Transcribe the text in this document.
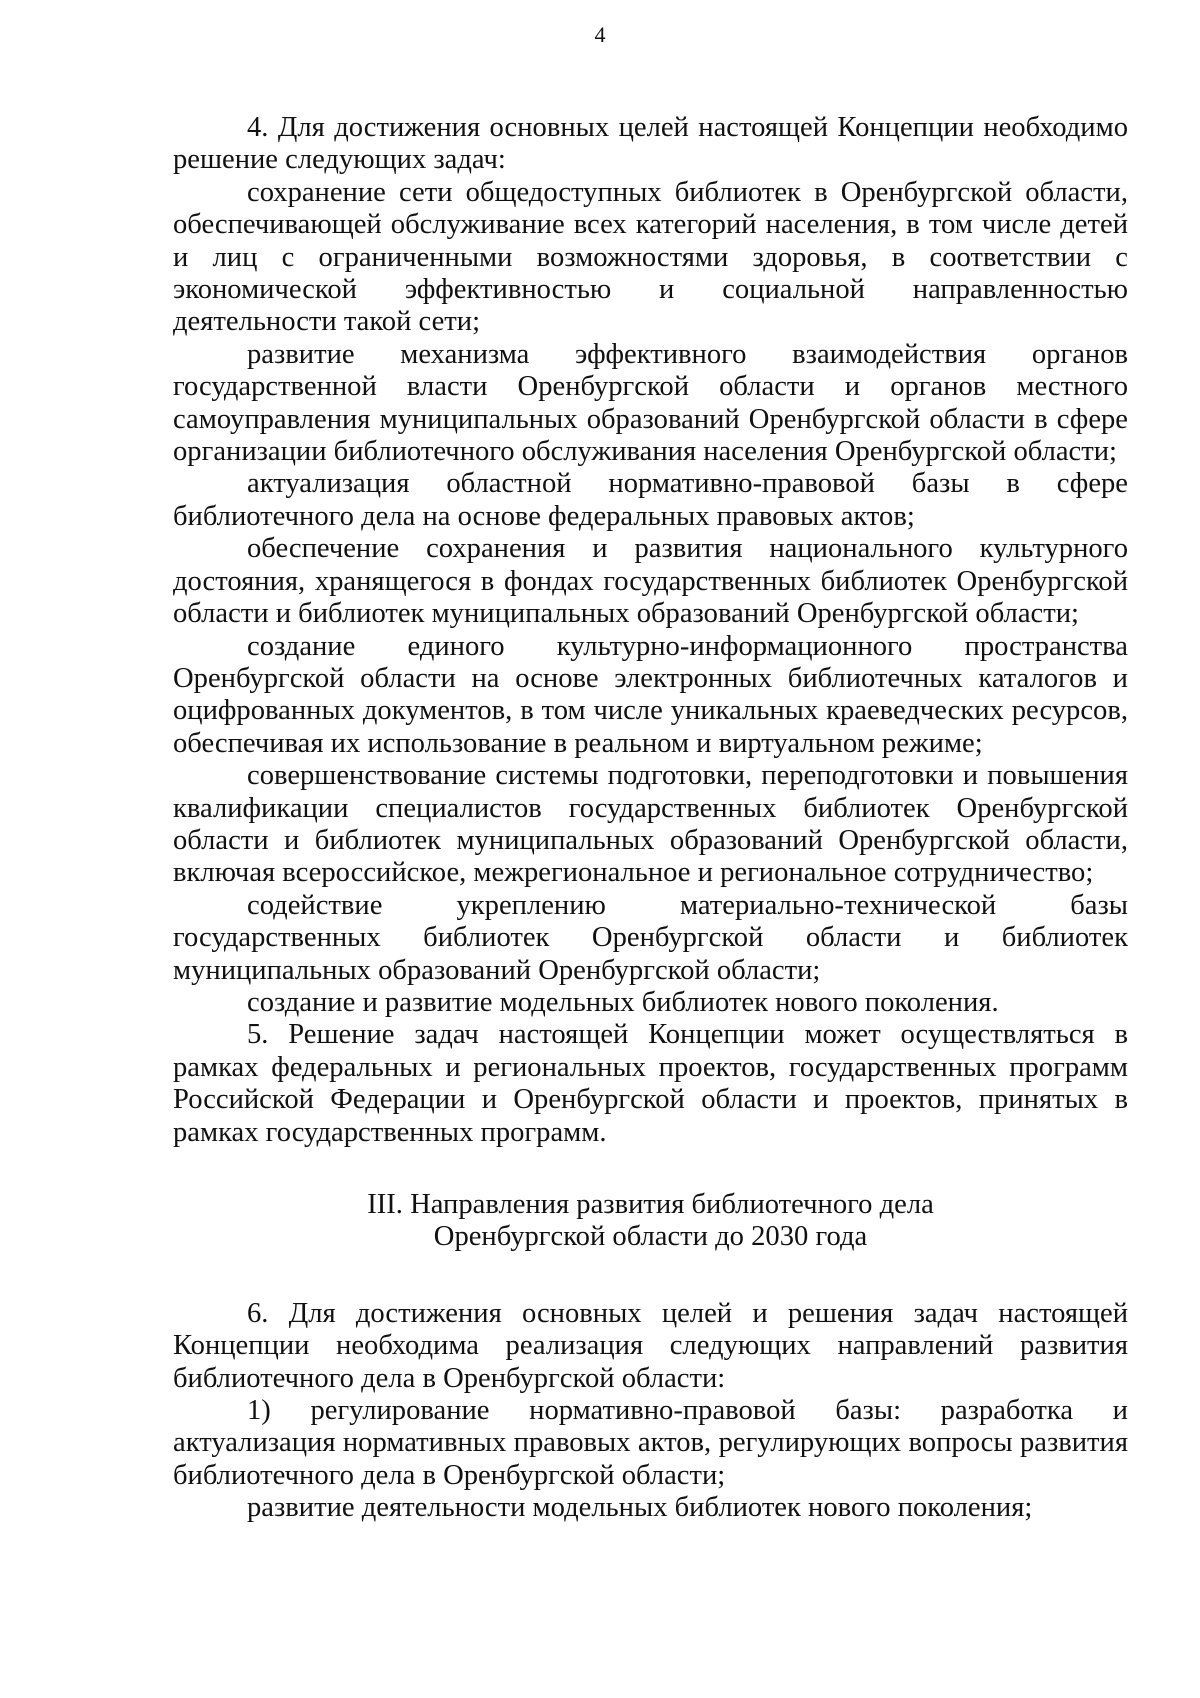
4

4. Для достижения основных целей настоящей Концепции необходимо решение следующих задач:

сохранение сети общедоступных библиотек в Оренбургской области, обеспечивающей обслуживание всех категорий населения, в том числе детей и лиц с ограниченными возможностями здоровья, в соответствии с экономической эффективностью и социальной направленностью деятельности такой сети;

развитие механизма эффективного взаимодействия органов государственной власти Оренбургской области и органов местного самоуправления муниципальных образований Оренбургской области в сфере организации библиотечного обслуживания населения Оренбургской области;

актуализация областной нормативно-правовой базы в сфере библиотечного дела на основе федеральных правовых актов;

обеспечение сохранения и развития национального культурного достояния, хранящегося в фондах государственных библиотек Оренбургской области и библиотек муниципальных образований Оренбургской области;

создание единого культурно-информационного пространства Оренбургской области на основе электронных библиотечных каталогов и оцифрованных документов, в том числе уникальных краеведческих ресурсов, обеспечивая их использование в реальном и виртуальном режиме;

совершенствование системы подготовки, переподготовки и повышения квалификации специалистов государственных библиотек Оренбургской области и библиотек муниципальных образований Оренбургской области, включая всероссийское, межрегиональное и региональное сотрудничество;

содействие укреплению материально-технической базы государственных библиотек Оренбургской области и библиотек муниципальных образований Оренбургской области;

создание и развитие модельных библиотек нового поколения.

5. Решение задач настоящей Концепции может осуществляться в рамках федеральных и региональных проектов, государственных программ Российской Федерации и Оренбургской области и проектов, принятых в рамках государственных программ.

III. Направления развития библиотечного дела
Оренбургской области до 2030 года

6. Для достижения основных целей и решения задач настоящей Концепции необходима реализация следующих направлений развития библиотечного дела в Оренбургской области:

1) регулирование нормативно-правовой базы: разработка и актуализация нормативных правовых актов, регулирующих вопросы развития библиотечного дела в Оренбургской области;

развитие деятельности модельных библиотек нового поколения;
